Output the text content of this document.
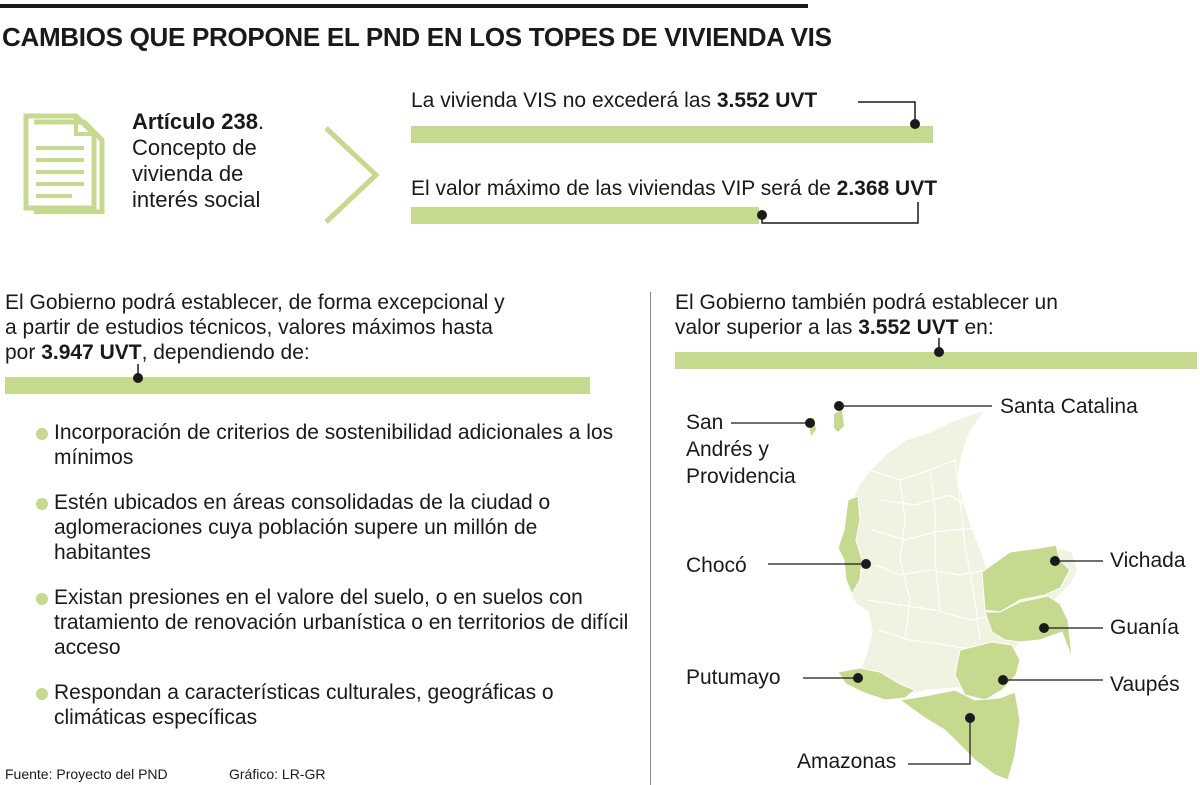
CAMBIOS QUE PROPONE EL PND EN LOS TOPES DE VIVIENDA VIS
Artículo 238.
Concepto de
vivienda de
interés social
La vivienda VIS no excederá las 3.552 UVT
El valor máximo de las viviendas VIP será de 2.368 UVT
El Gobierno podrá establecer, de forma excepcional y
a partir de estudios técnicos, valores máximos hasta
por 3.947 UVT, dependiendo de:
Incorporación de criterios de sostenibilidad adicionales a los mínimos
Estén ubicados en áreas consolidadas de la ciudad o aglomeraciones cuya población supere un millón de habitantes
Existan presiones en el valore del suelo, o en suelos con tratamiento de renovación urbanística o en territorios de difícil acceso
Respondan a características culturales, geográficas o climáticas específicas
Fuente: Proyecto del PND	Gráfico: LR-GR
El Gobierno también podrá establecer un
valor superior a las 3.552 UVT en:
Santa Catalina
San
Andrés y
Providencia
Chocó	Vichada
Guanía
Putumayo	Vaupés
Amazonas
